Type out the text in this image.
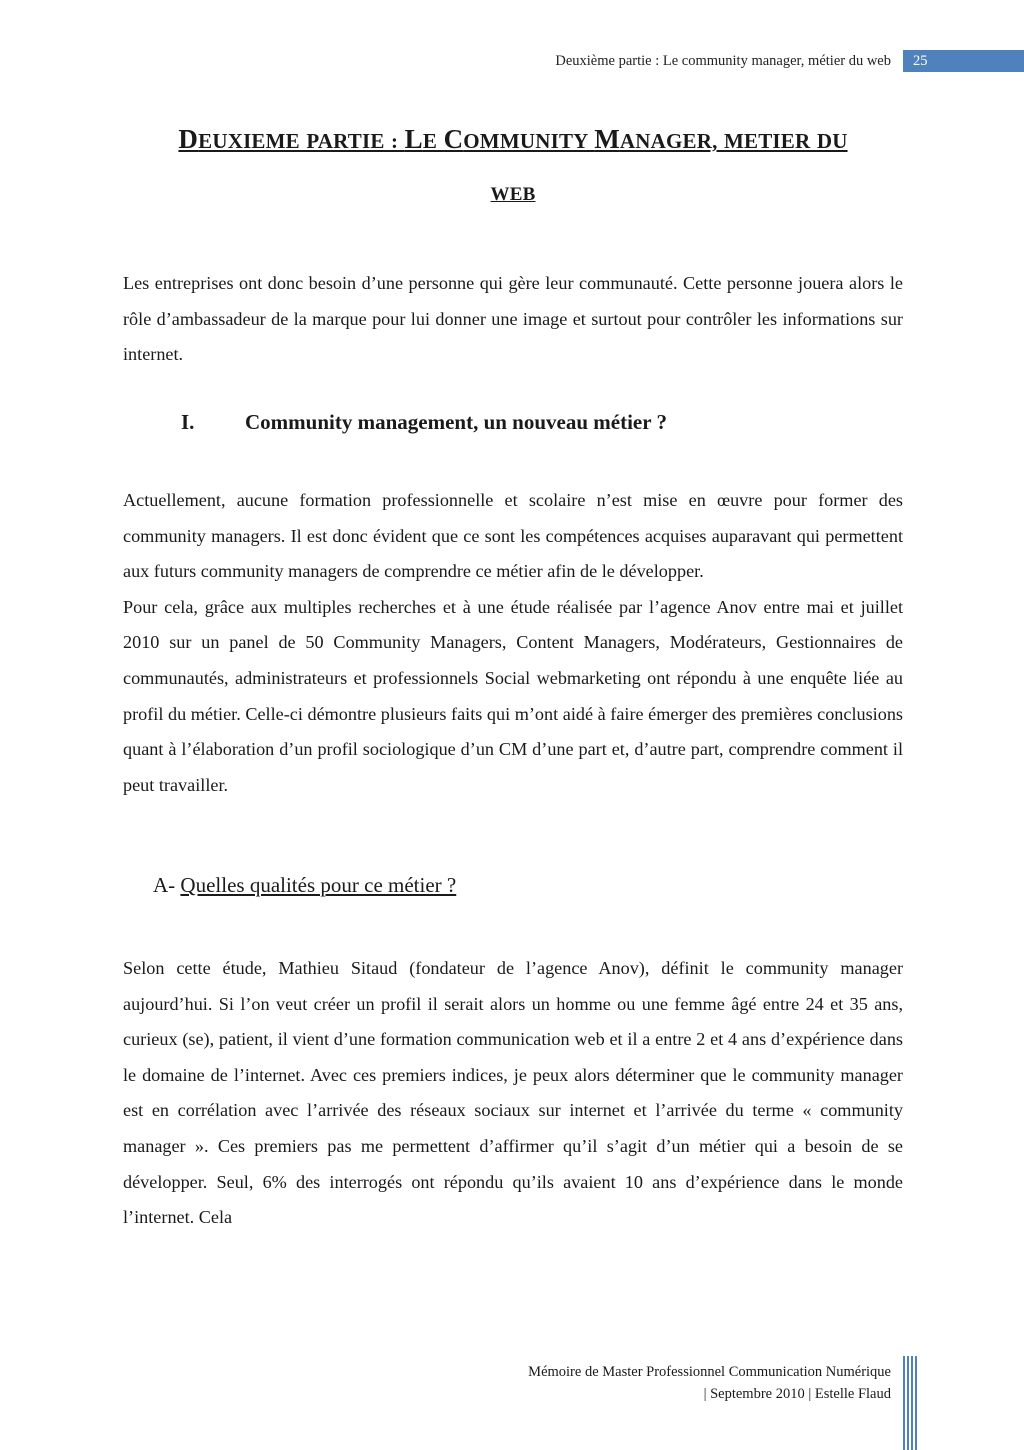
Deuxième partie : Le community manager, métier du web 25
DEUXIEME PARTIE : LE COMMUNITY MANAGER, METIER DU
WEB

Les entreprises ont donc besoin d’une personne qui gère leur communauté. Cette personne jouera alors le rôle d’ambassadeur de la marque pour lui donner une image et surtout pour contrôler les informations sur internet.

I. Community management, un nouveau métier ?
Actuellement, aucune formation professionnelle et scolaire n’est mise en œuvre pour former des community managers. Il est donc évident que ce sont les compétences acquises auparavant qui permettent aux futurs community managers de comprendre ce métier afin de le développer.
Pour cela, grâce aux multiples recherches et à une étude réalisée par l’agence Anov entre mai et juillet 2010 sur un panel de 50 Community Managers, Content Managers, Modérateurs, Gestionnaires de communautés, administrateurs et professionnels Social webmarketing ont répondu à une enquête liée au profil du métier. Celle-ci démontre plusieurs faits qui m’ont aidé à faire émerger des premières conclusions quant à l’élaboration d’un profil sociologique d’un CM d’une part et, d’autre part, comprendre comment il peut travailler.
A- Quelles qualités pour ce métier ?

Selon cette étude, Mathieu Sitaud (fondateur de l’agence Anov), définit le community manager aujourd’hui. Si l’on veut créer un profil il serait alors un homme ou une femme âgé entre 24 et 35 ans, curieux (se), patient, il vient d’une formation communication web et il a entre 2 et 4 ans d’expérience dans le domaine de l’internet. Avec ces premiers indices, je peux alors déterminer que le community manager est en corrélation avec l’arrivée des réseaux sociaux sur internet et l’arrivée du terme « community manager ». Ces premiers pas me permettent d’affirmer qu’il s’agit d’un métier qui a besoin de se développer. Seul, 6% des interrogés ont répondu qu’ils avaient 10 ans d’expérience dans le monde l’internet. Cela

Mémoire de Master Professionnel Communication Numérique
| Septembre 2010 | Estelle Flaud
